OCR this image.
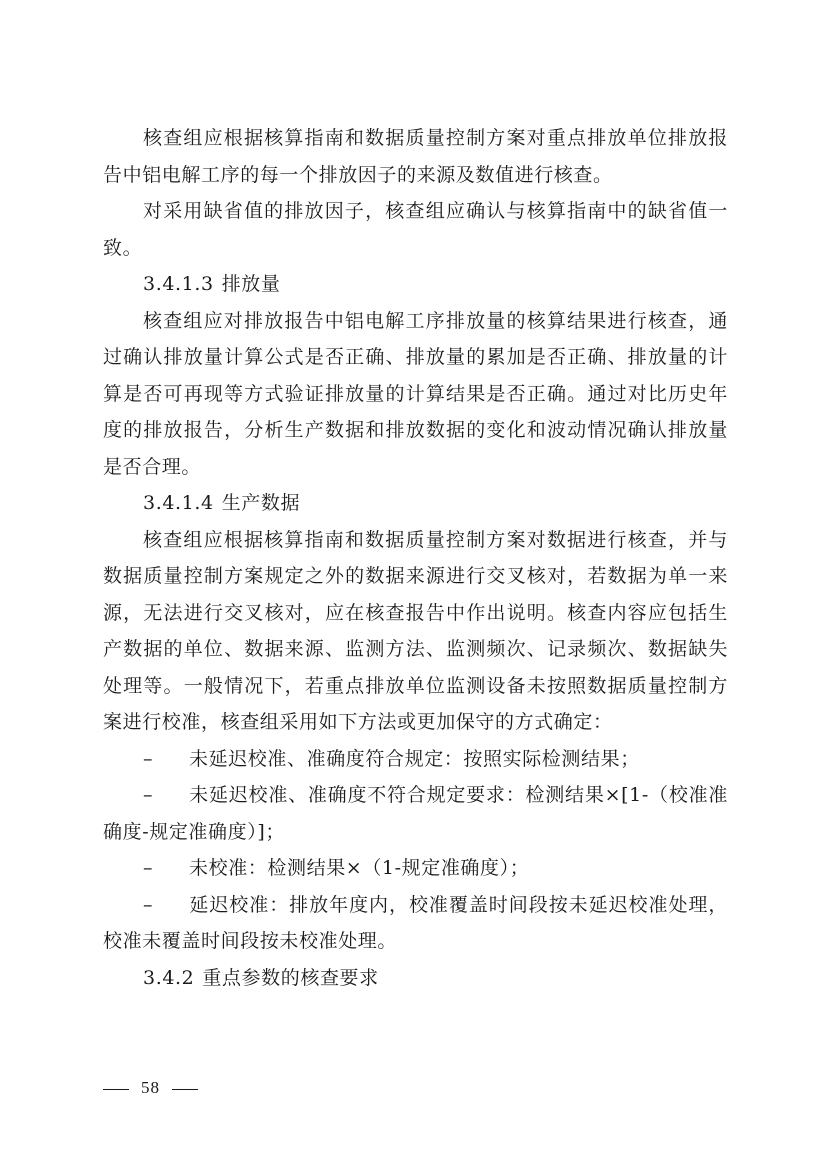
核查组应根据核算指南和数据质量控制方案对重点排放单位排放报告中铝电解工序的每一个排放因子的来源及数值进行核查。

对采用缺省值的排放因子，核查组应确认与核算指南中的缺省值一致。

3.4.1.3 排放量

核查组应对排放报告中铝电解工序排放量的核算结果进行核查，通过确认排放量计算公式是否正确、排放量的累加是否正确、排放量的计算是否可再现等方式验证排放量的计算结果是否正确。通过对比历史年度的排放报告，分析生产数据和排放数据的变化和波动情况确认排放量是否合理。

3.4.1.4 生产数据

核查组应根据核算指南和数据质量控制方案对数据进行核查，并与数据质量控制方案规定之外的数据来源进行交叉核对，若数据为单一来源，无法进行交叉核对，应在核查报告中作出说明。核查内容应包括生产数据的单位、数据来源、监测方法、监测频次、记录频次、数据缺失处理等。一般情况下，若重点排放单位监测设备未按照数据质量控制方案进行校准，核查组采用如下方法或更加保守的方式确定：

– 未延迟校准、准确度符合规定：按照实际检测结果；

– 未延迟校准、准确度不符合规定要求：检测结果×[1-（校准准确度-规定准确度）]；

– 未校准：检测结果×（1-规定准确度）；

– 延迟校准：排放年度内，校准覆盖时间段按未延迟校准处理，校准未覆盖时间段按未校准处理。

3.4.2 重点参数的核查要求

58
